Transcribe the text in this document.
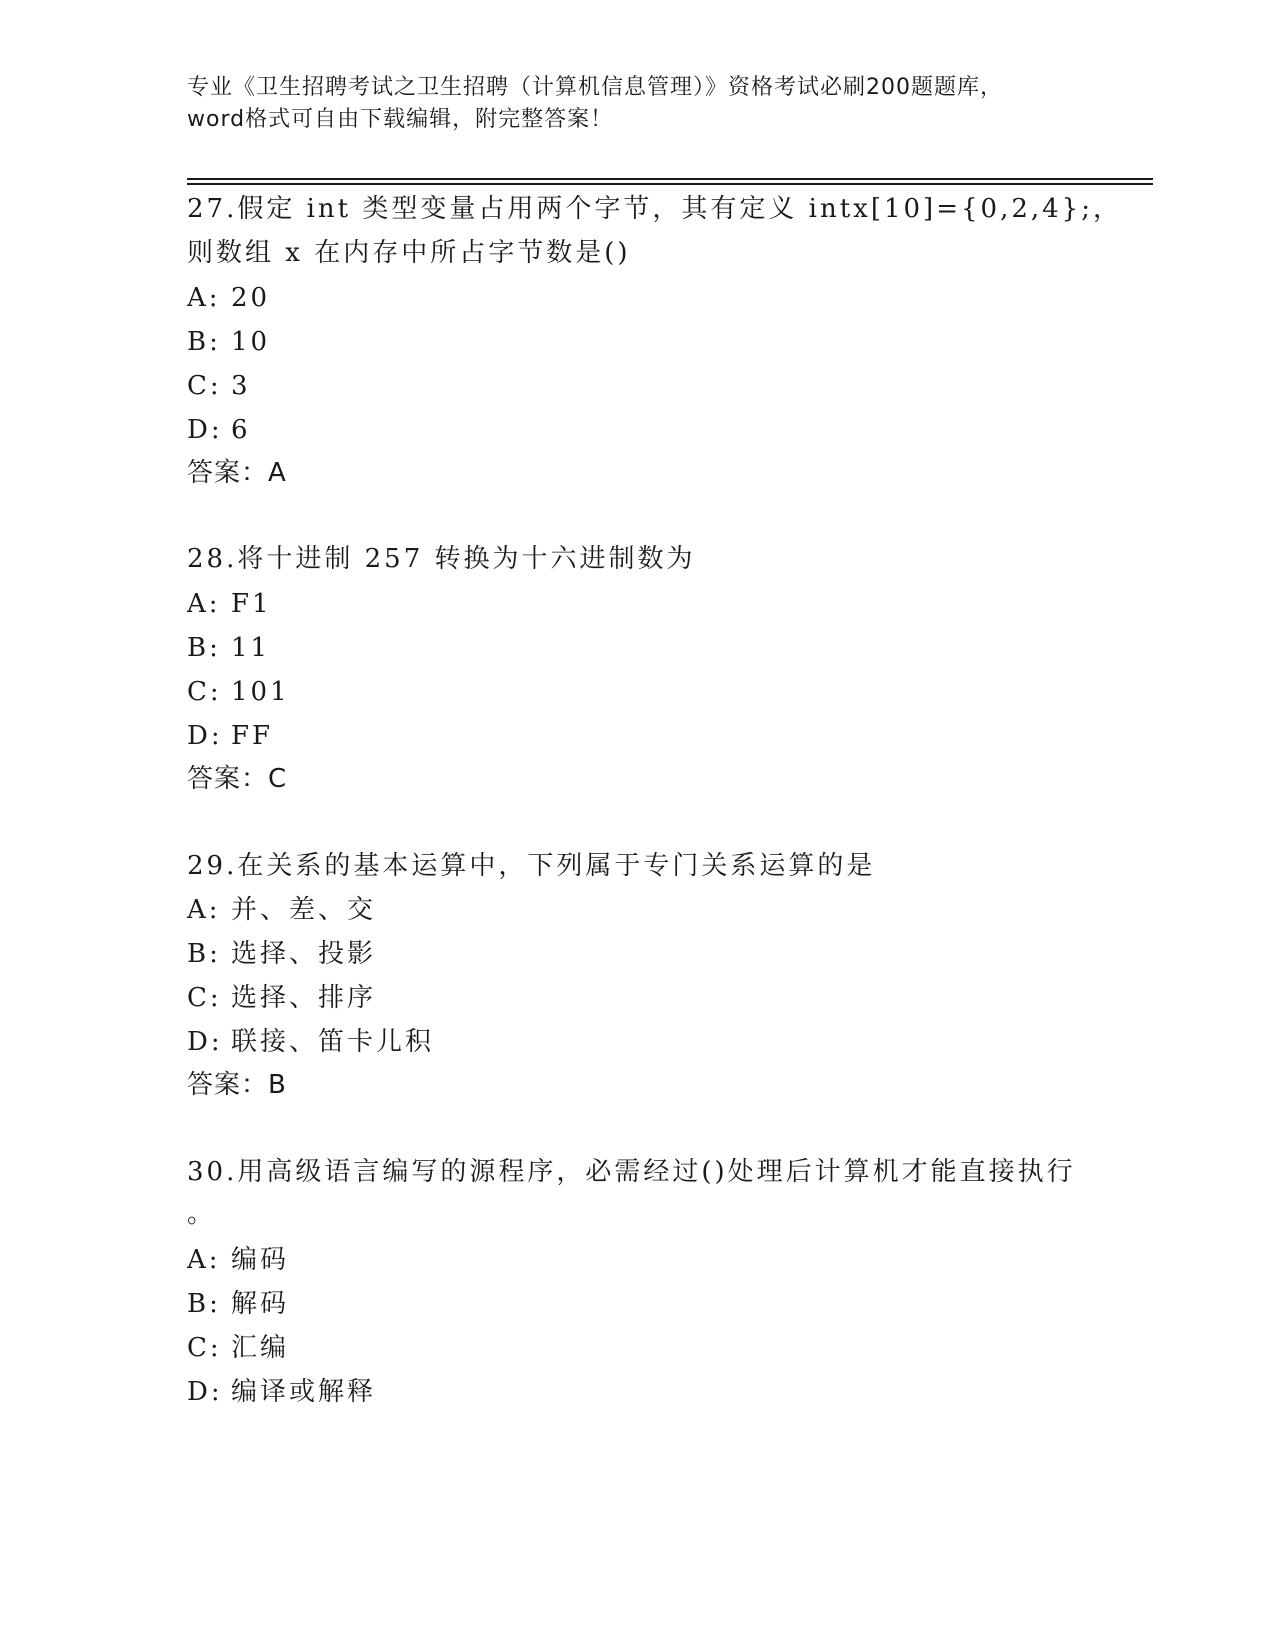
专业《卫生招聘考试之卫生招聘（计算机信息管理）》资格考试必刷200题题库，
word格式可自由下载编辑，附完整答案！
27.假定 int 类型变量占用两个字节，其有定义 intx[10]={0,2,4};，
则数组 x 在内存中所占字节数是()
A: 20
B: 10
C: 3
D: 6
答案：A
28.将十进制 257 转换为十六进制数为
A: F1
B: 11
C: 101
D: FF
答案：C
29.在关系的基本运算中，下列属于专门关系运算的是
A: 并、差、交
B: 选择、投影
C: 选择、排序
D: 联接、笛卡儿积
答案：B
30.用高级语言编写的源程序，必需经过()处理后计算机才能直接执行
。
A: 编码
B: 解码
C: 汇编
D: 编译或解释
